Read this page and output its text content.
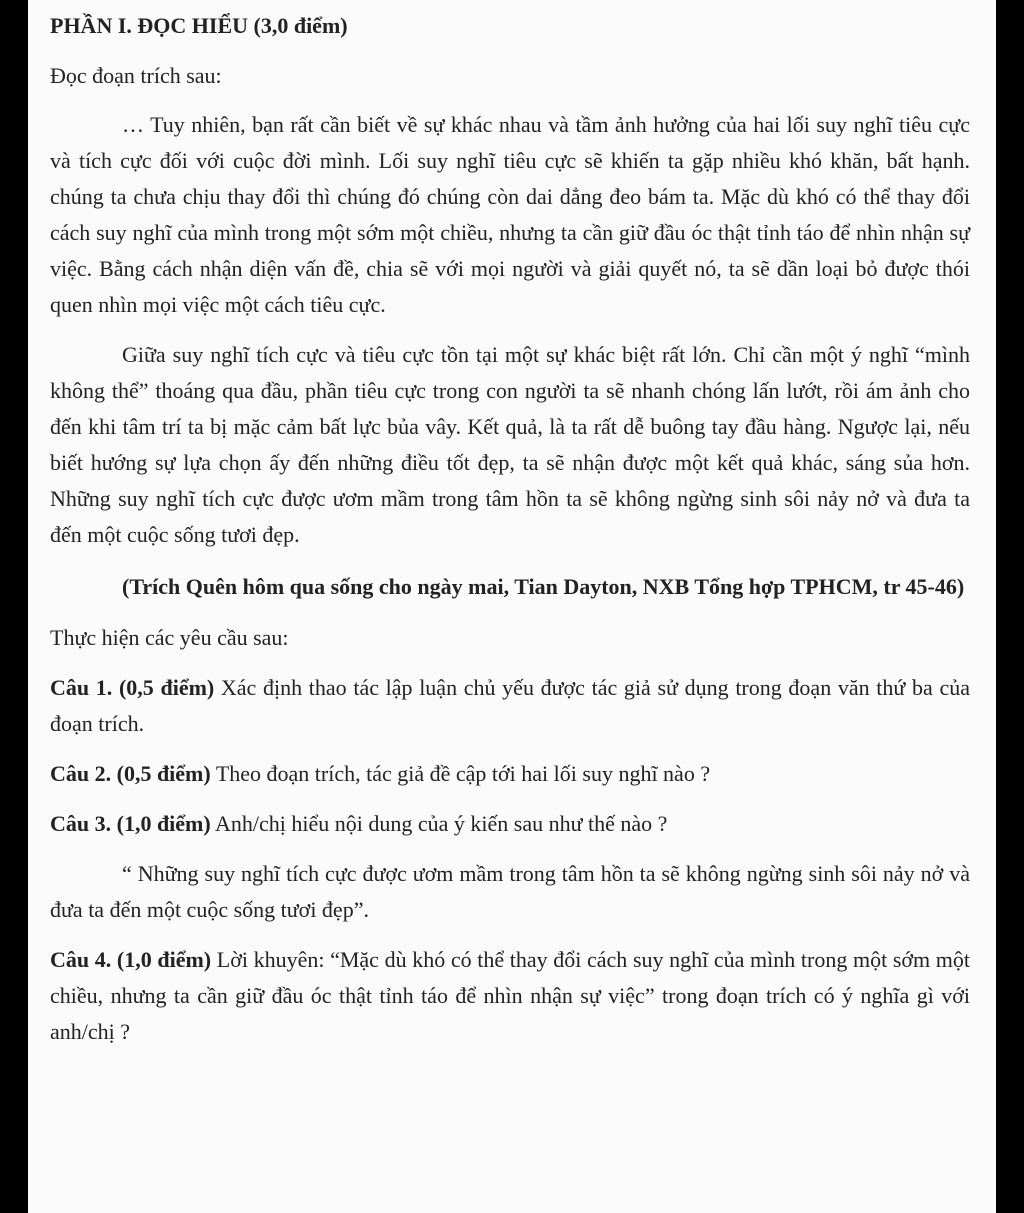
PHẦN I. ĐỌC HIỂU (3,0 điểm)

Đọc đoạn trích sau:

… Tuy nhiên, bạn rất cần biết về sự khác nhau và tầm ảnh hưởng của hai lối suy nghĩ tiêu cực và tích cực đối với cuộc đời mình. Lối suy nghĩ tiêu cực sẽ khiến ta gặp nhiều khó khăn, bất hạnh. chúng ta chưa chịu thay đổi thì chúng đó chúng còn dai dẳng đeo bám ta. Mặc dù khó có thể thay đổi cách suy nghĩ của mình trong một sớm một chiều, nhưng ta cần giữ đầu óc thật tỉnh táo để nhìn nhận sự việc. Bằng cách nhận diện vấn đề, chia sẽ với mọi người và giải quyết nó, ta sẽ dần loại bỏ được thói quen nhìn mọi việc một cách tiêu cực.

Giữa suy nghĩ tích cực và tiêu cực tồn tại một sự khác biệt rất lớn. Chỉ cần một ý nghĩ “mình không thể” thoáng qua đầu, phần tiêu cực trong con người ta sẽ nhanh chóng lấn lướt, rồi ám ảnh cho đến khi tâm trí ta bị mặc cảm bất lực bủa vây. Kết quả, là ta rất dễ buông tay đầu hàng. Ngược lại, nếu biết hướng sự lựa chọn ấy đến những điều tốt đẹp, ta sẽ nhận được một kết quả khác, sáng sủa hơn. Những suy nghĩ tích cực được ươm mầm trong tâm hồn ta sẽ không ngừng sinh sôi nảy nở và đưa ta đến một cuộc sống tươi đẹp.

(Trích Quên hôm qua sống cho ngày mai, Tian Dayton, NXB Tổng hợp TPHCM, tr 45-46)

Thực hiện các yêu cầu sau:

Câu 1. (0,5 điểm) Xác định thao tác lập luận chủ yếu được tác giả sử dụng trong đoạn văn thứ ba của đoạn trích.

Câu 2. (0,5 điểm) Theo đoạn trích, tác giả đề cập tới hai lối suy nghĩ nào ?

Câu 3. (1,0 điểm) Anh/chị hiểu nội dung của ý kiến sau như thế nào ?

“ Những suy nghĩ tích cực được ươm mầm trong tâm hồn ta sẽ không ngừng sinh sôi nảy nở và đưa ta đến một cuộc sống tươi đẹp”.

Câu 4. (1,0 điểm) Lời khuyên: “Mặc dù khó có thể thay đổi cách suy nghĩ của mình trong một sớm một chiều, nhưng ta cần giữ đầu óc thật tỉnh táo để nhìn nhận sự việc” trong đoạn trích có ý nghĩa gì với anh/chị ?
